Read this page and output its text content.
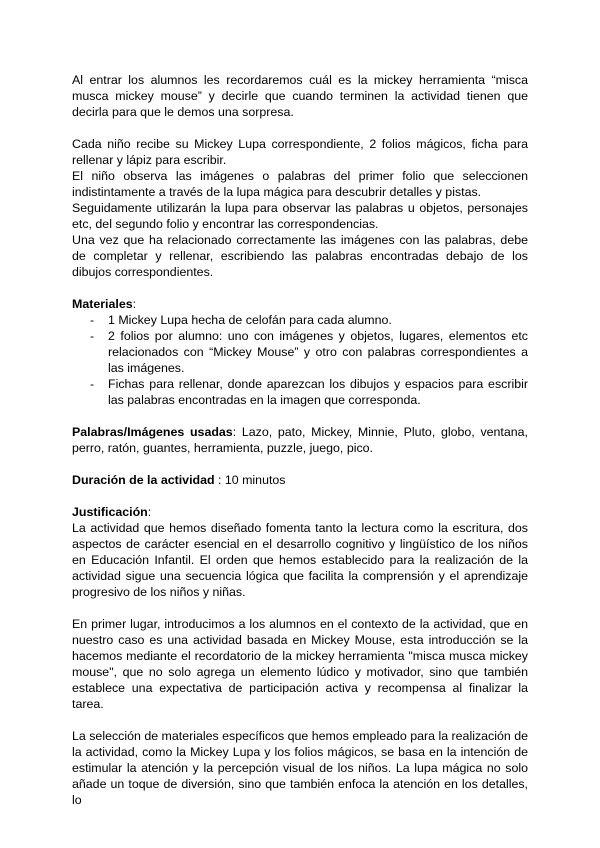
Al entrar los alumnos les recordaremos cuál es la mickey herramienta “misca musca mickey mouse” y decirle que cuando terminen la actividad tienen que decirla para que le demos una sorpresa.

Cada niño recibe su Mickey Lupa correspondiente, 2 folios mágicos, ficha para rellenar y lápiz para escribir.

El niño observa las imágenes o palabras del primer folio que seleccionen indistintamente a través de la lupa mágica para descubrir detalles y pistas.

Seguidamente utilizarán la lupa para observar las palabras u objetos, personajes etc, del segundo folio y encontrar las correspondencias.

Una vez que ha relacionado correctamente las imágenes con las palabras, debe de completar y rellenar, escribiendo las palabras encontradas debajo de los dibujos correspondientes.

Materiales:

- 1 Mickey Lupa hecha de celofán para cada alumno.
- 2 folios por alumno: uno con imágenes y objetos, lugares, elementos etc relacionados con “Mickey Mouse” y otro con palabras correspondientes a las imágenes.
- Fichas para rellenar, donde aparezcan los dibujos y espacios para escribir las palabras encontradas en la imagen que corresponda.

Palabras/Imágenes usadas: Lazo, pato, Mickey, Minnie, Pluto, globo, ventana, perro, ratón, guantes, herramienta, puzzle, juego, pico.

Duración de la actividad : 10 minutos

Justificación:

La actividad que hemos diseñado fomenta tanto la lectura como la escritura, dos aspectos de carácter esencial en el desarrollo cognitivo y lingüístico de los niños en Educación Infantil. El orden que hemos establecido para la realización de la actividad sigue una secuencia lógica que facilita la comprensión y el aprendizaje progresivo de los niños y niñas.

En primer lugar, introducimos a los alumnos en el contexto de la actividad, que en nuestro caso es una actividad basada en Mickey Mouse, esta introducción se la hacemos mediante el recordatorio de la mickey herramienta "misca musca mickey mouse", que no solo agrega un elemento lúdico y motivador, sino que también establece una expectativa de participación activa y recompensa al finalizar la tarea.

La selección de materiales específicos que hemos empleado para la realización de la actividad, como la Mickey Lupa y los folios mágicos, se basa en la intención de estimular la atención y la percepción visual de los niños. La lupa mágica no solo añade un toque de diversión, sino que también enfoca la atención en los detalles, lo
